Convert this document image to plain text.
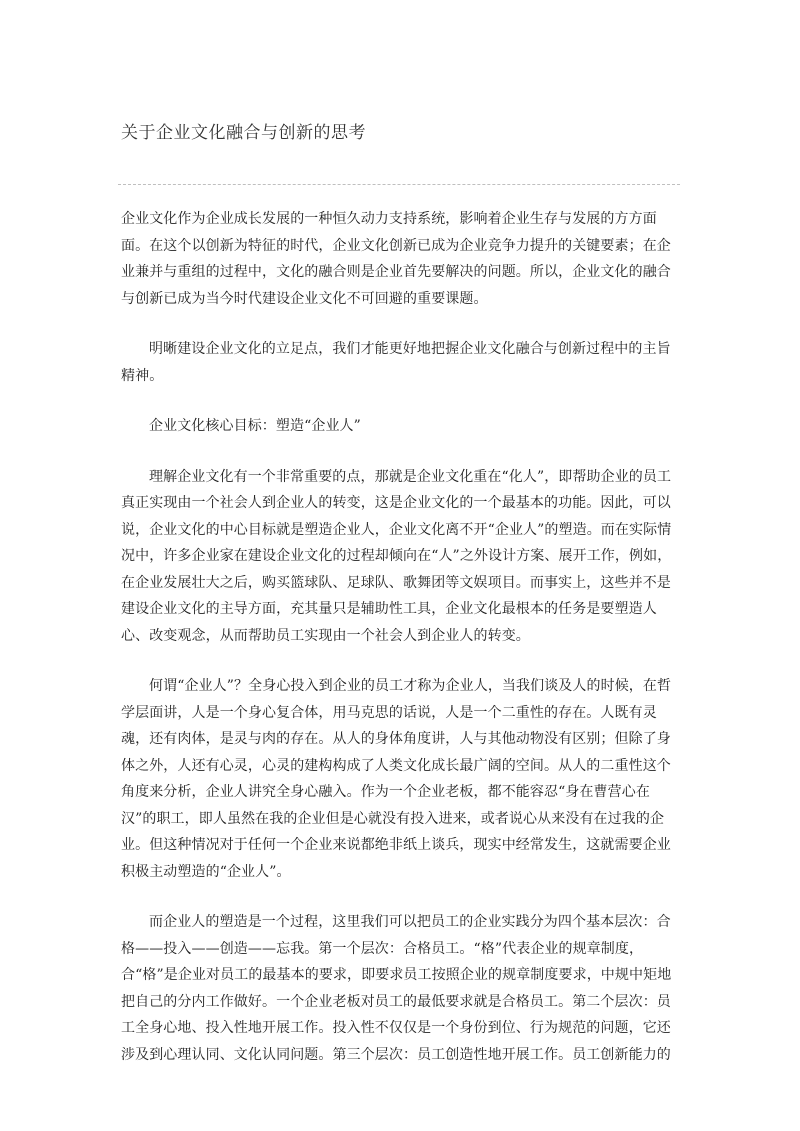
关于企业文化融合与创新的思考

企业文化作为企业成长发展的一种恒久动力支持系统，影响着企业生存与发展的方方面面。在这个以创新为特征的时代，企业文化创新已成为企业竞争力提升的关键要素；在企业兼并与重组的过程中，文化的融合则是企业首先要解决的问题。所以，企业文化的融合与创新已成为当今时代建设企业文化不可回避的重要课题。

明晰建设企业文化的立足点，我们才能更好地把握企业文化融合与创新过程中的主旨精神。

企业文化核心目标：塑造“企业人”

理解企业文化有一个非常重要的点，那就是企业文化重在“化人”，即帮助企业的员工真正实现由一个社会人到企业人的转变，这是企业文化的一个最基本的功能。因此，可以说，企业文化的中心目标就是塑造企业人，企业文化离不开“企业人”的塑造。而在实际情况中，许多企业家在建设企业文化的过程却倾向在“人”之外设计方案、展开工作，例如，在企业发展壮大之后，购买篮球队、足球队、歌舞团等文娱项目。而事实上，这些并不是建设企业文化的主导方面，充其量只是辅助性工具，企业文化最根本的任务是要塑造人心、改变观念，从而帮助员工实现由一个社会人到企业人的转变。

何谓“企业人”？全身心投入到企业的员工才称为企业人，当我们谈及人的时候，在哲学层面讲，人是一个身心复合体，用马克思的话说，人是一个二重性的存在。人既有灵魂，还有肉体，是灵与肉的存在。从人的身体角度讲，人与其他动物没有区别；但除了身体之外，人还有心灵，心灵的建构构成了人类文化成长最广阔的空间。从人的二重性这个角度来分析，企业人讲究全身心融入。作为一个企业老板，都不能容忍“身在曹营心在汉”的职工，即人虽然在我的企业但是心就没有投入进来，或者说心从来没有在过我的企业。但这种情况对于任何一个企业来说都绝非纸上谈兵，现实中经常发生，这就需要企业积极主动塑造的“企业人”。

而企业人的塑造是一个过程，这里我们可以把员工的企业实践分为四个基本层次：合格——投入——创造——忘我。第一个层次：合格员工。“格”代表企业的规章制度，合“格”是企业对员工的最基本的要求，即要求员工按照企业的规章制度要求，中规中矩地把自己的分内工作做好。一个企业老板对员工的最低要求就是合格员工。第二个层次：员工全身心地、投入性地开展工作。投入性不仅仅是一个身份到位、行为规范的问题，它还涉及到心理认同、文化认同问题。第三个层次：员工创造性地开展工作。员工创新能力的
